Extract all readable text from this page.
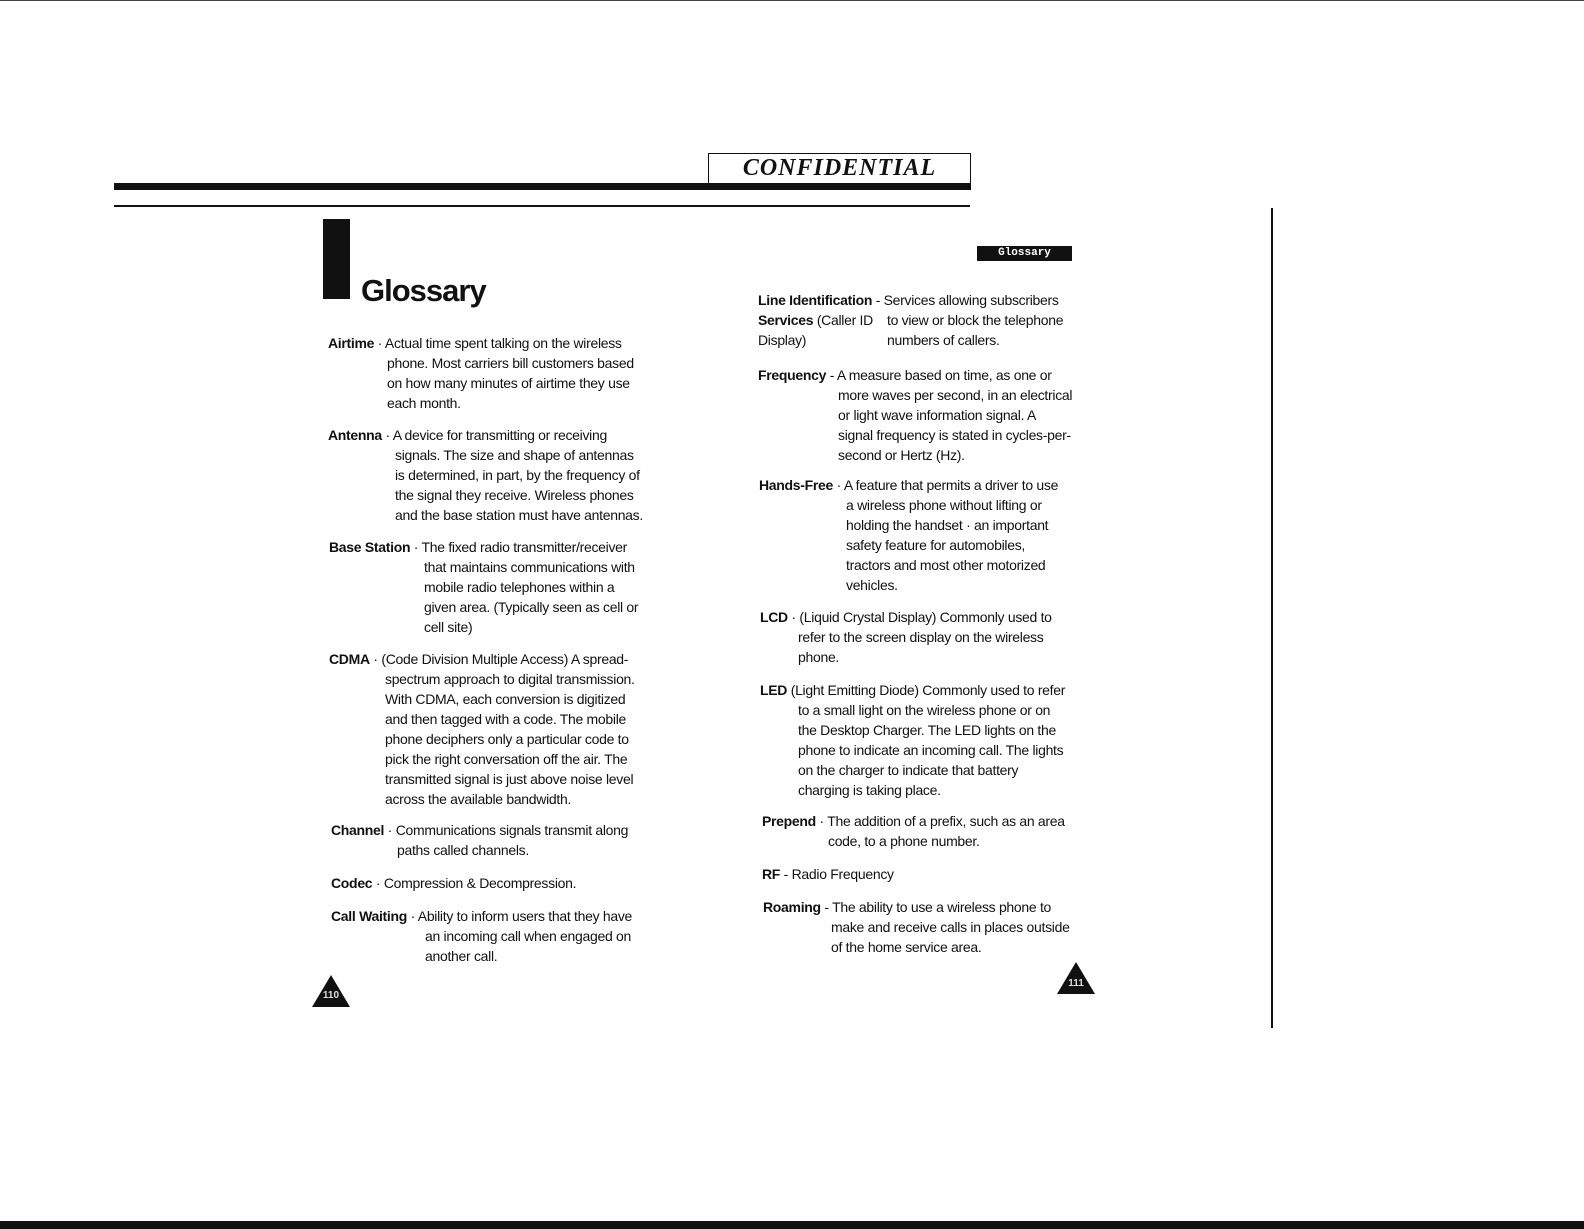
CONFIDENTIAL
Glossary
Glossary
Airtime · Actual time spent talking on the wireless
phone. Most carriers bill customers based
on how many minutes of airtime they use
each month.
Antenna · A device for transmitting or receiving
signals. The size and shape of antennas
is determined, in part, by the frequency of
the signal they receive. Wireless phones
and the base station must have antennas.
Base Station · The fixed radio transmitter/receiver
that maintains communications with
mobile radio telephones within a
given area. (Typically seen as cell or
cell site)
CDMA · (Code Division Multiple Access) A spread-
spectrum approach to digital transmission.
With CDMA, each conversion is digitized
and then tagged with a code. The mobile
phone deciphers only a particular code to
pick the right conversation off the air. The
transmitted signal is just above noise level
across the available bandwidth.
Channel · Communications signals transmit along
paths called channels.
Codec · Compression & Decompression.
Call Waiting · Ability to inform users that they have
an incoming call when engaged on
another call.
110
Line Identification - Services allowing subscribers
Services (Caller ID to view or block the telephone
Display)	numbers of callers.
Frequency - A measure based on time, as one or
more waves per second, in an electrical
or light wave information signal. A
signal frequency is stated in cycles-per-
second or Hertz (Hz).
Hands-Free · A feature that permits a driver to use
a wireless phone without lifting or
holding the handset · an important
safety feature for automobiles,
tractors and most other motorized
vehicles.
LCD · (Liquid Crystal Display) Commonly used to
refer to the screen display on the wireless
phone.
LED (Light Emitting Diode) Commonly used to refer
to a small light on the wireless phone or on
the Desktop Charger. The LED lights on the
phone to indicate an incoming call. The lights
on the charger to indicate that battery
charging is taking place.
Prepend · The addition of a prefix, such as an area
code, to a phone number.
RF - Radio Frequency
Roaming - The ability to use a wireless phone to
make and receive calls in places outside
of the home service area.
111
